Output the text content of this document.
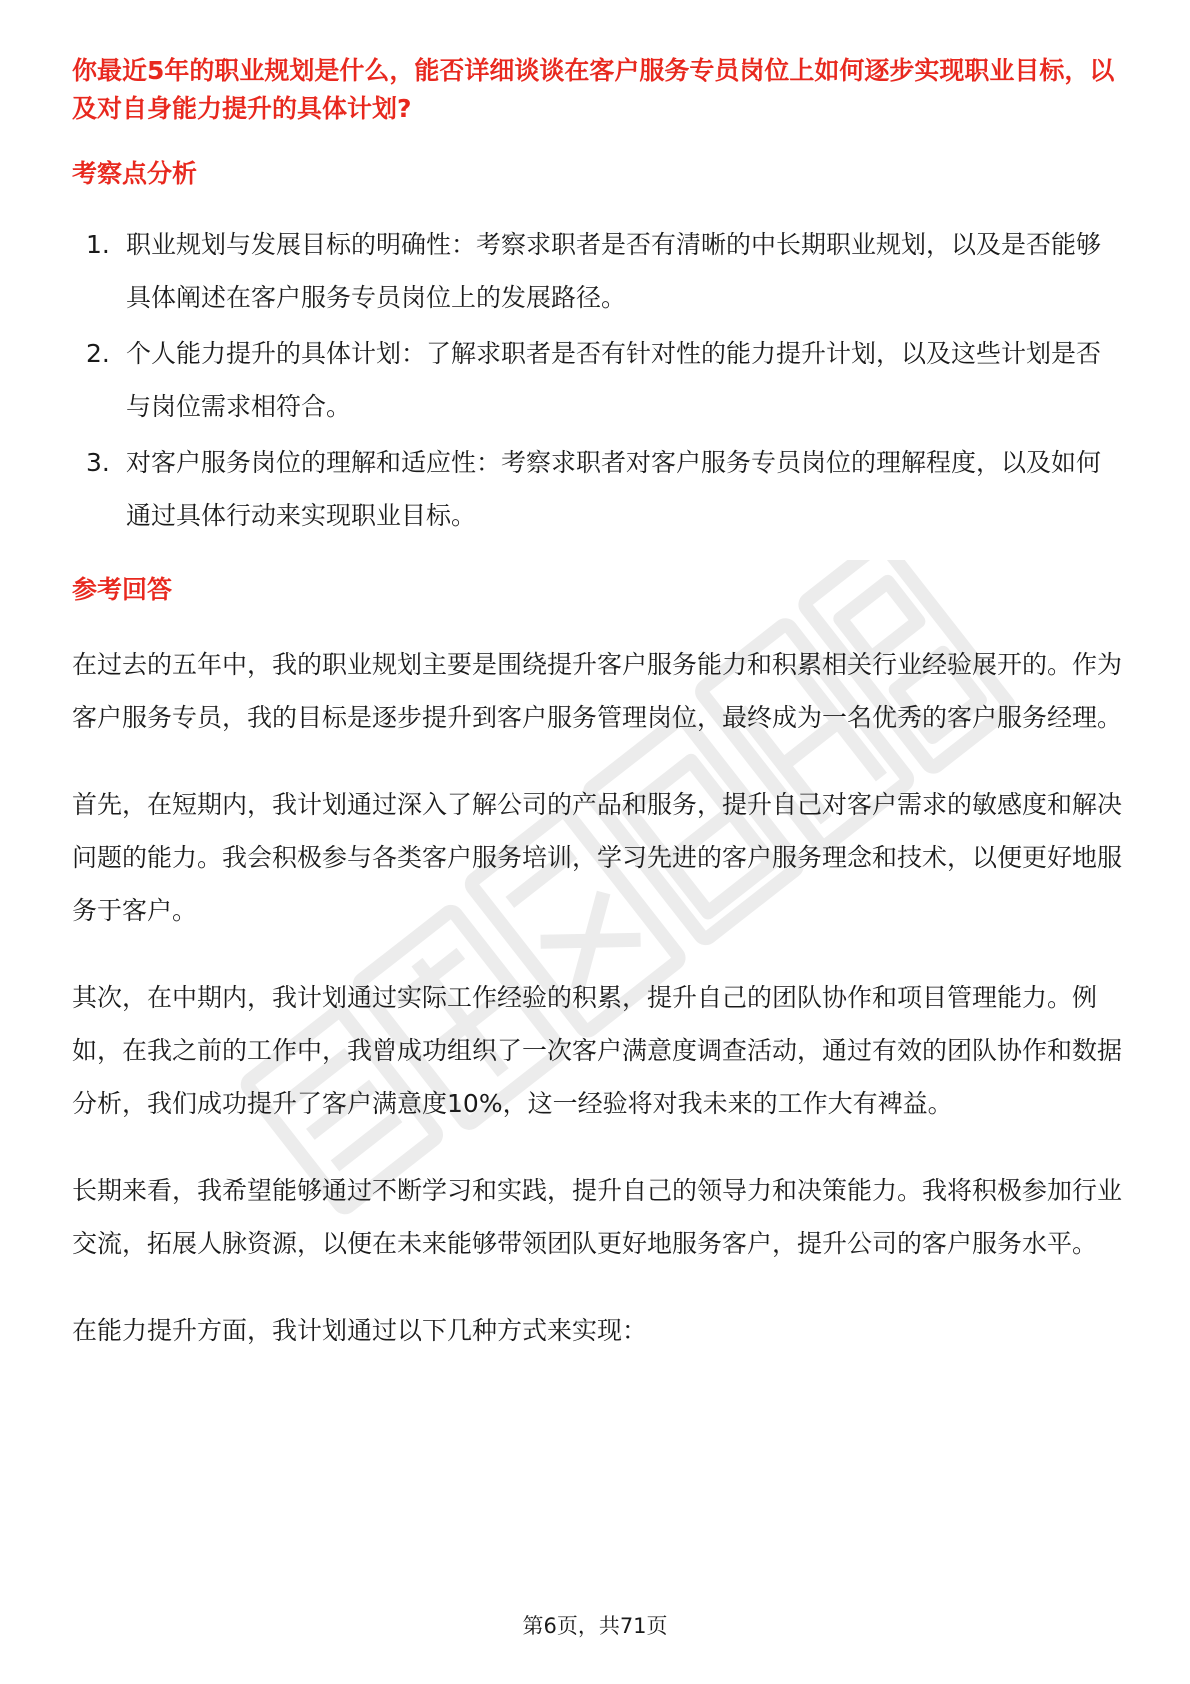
你最近5年的职业规划是什么，能否详细谈谈在客户服务专员岗位上如何逐步实现职业目标，以及对自身能力提升的具体计划?

考察点分析

1. 职业规划与发展目标的明确性：考察求职者是否有清晰的中长期职业规划，以及是否能够具体阐述在客户服务专员岗位上的发展路径。
2. 个人能力提升的具体计划：了解求职者是否有针对性的能力提升计划，以及这些计划是否与岗位需求相符合。
3. 对客户服务岗位的理解和适应性：考察求职者对客户服务专员岗位的理解程度，以及如何通过具体行动来实现职业目标。

参考回答

在过去的五年中，我的职业规划主要是围绕提升客户服务能力和积累相关行业经验展开的。作为客户服务专员，我的目标是逐步提升到客户服务管理岗位，最终成为一名优秀的客户服务经理。

首先，在短期内，我计划通过深入了解公司的产品和服务，提升自己对客户需求的敏感度和解决问题的能力。我会积极参与各类客户服务培训，学习先进的客户服务理念和技术，以便更好地服务于客户。

其次，在中期内，我计划通过实际工作经验的积累，提升自己的团队协作和项目管理能力。例如，在我之前的工作中，我曾成功组织了一次客户满意度调查活动，通过有效的团队协作和数据分析，我们成功提升了客户满意度10%，这一经验将对我未来的工作大有裨益。

长期来看，我希望能够通过不断学习和实践，提升自己的领导力和决策能力。我将积极参加行业交流，拓展人脉资源，以便在未来能够带领团队更好地服务客户，提升公司的客户服务水平。

在能力提升方面，我计划通过以下几种方式来实现：

第6页，共71页
